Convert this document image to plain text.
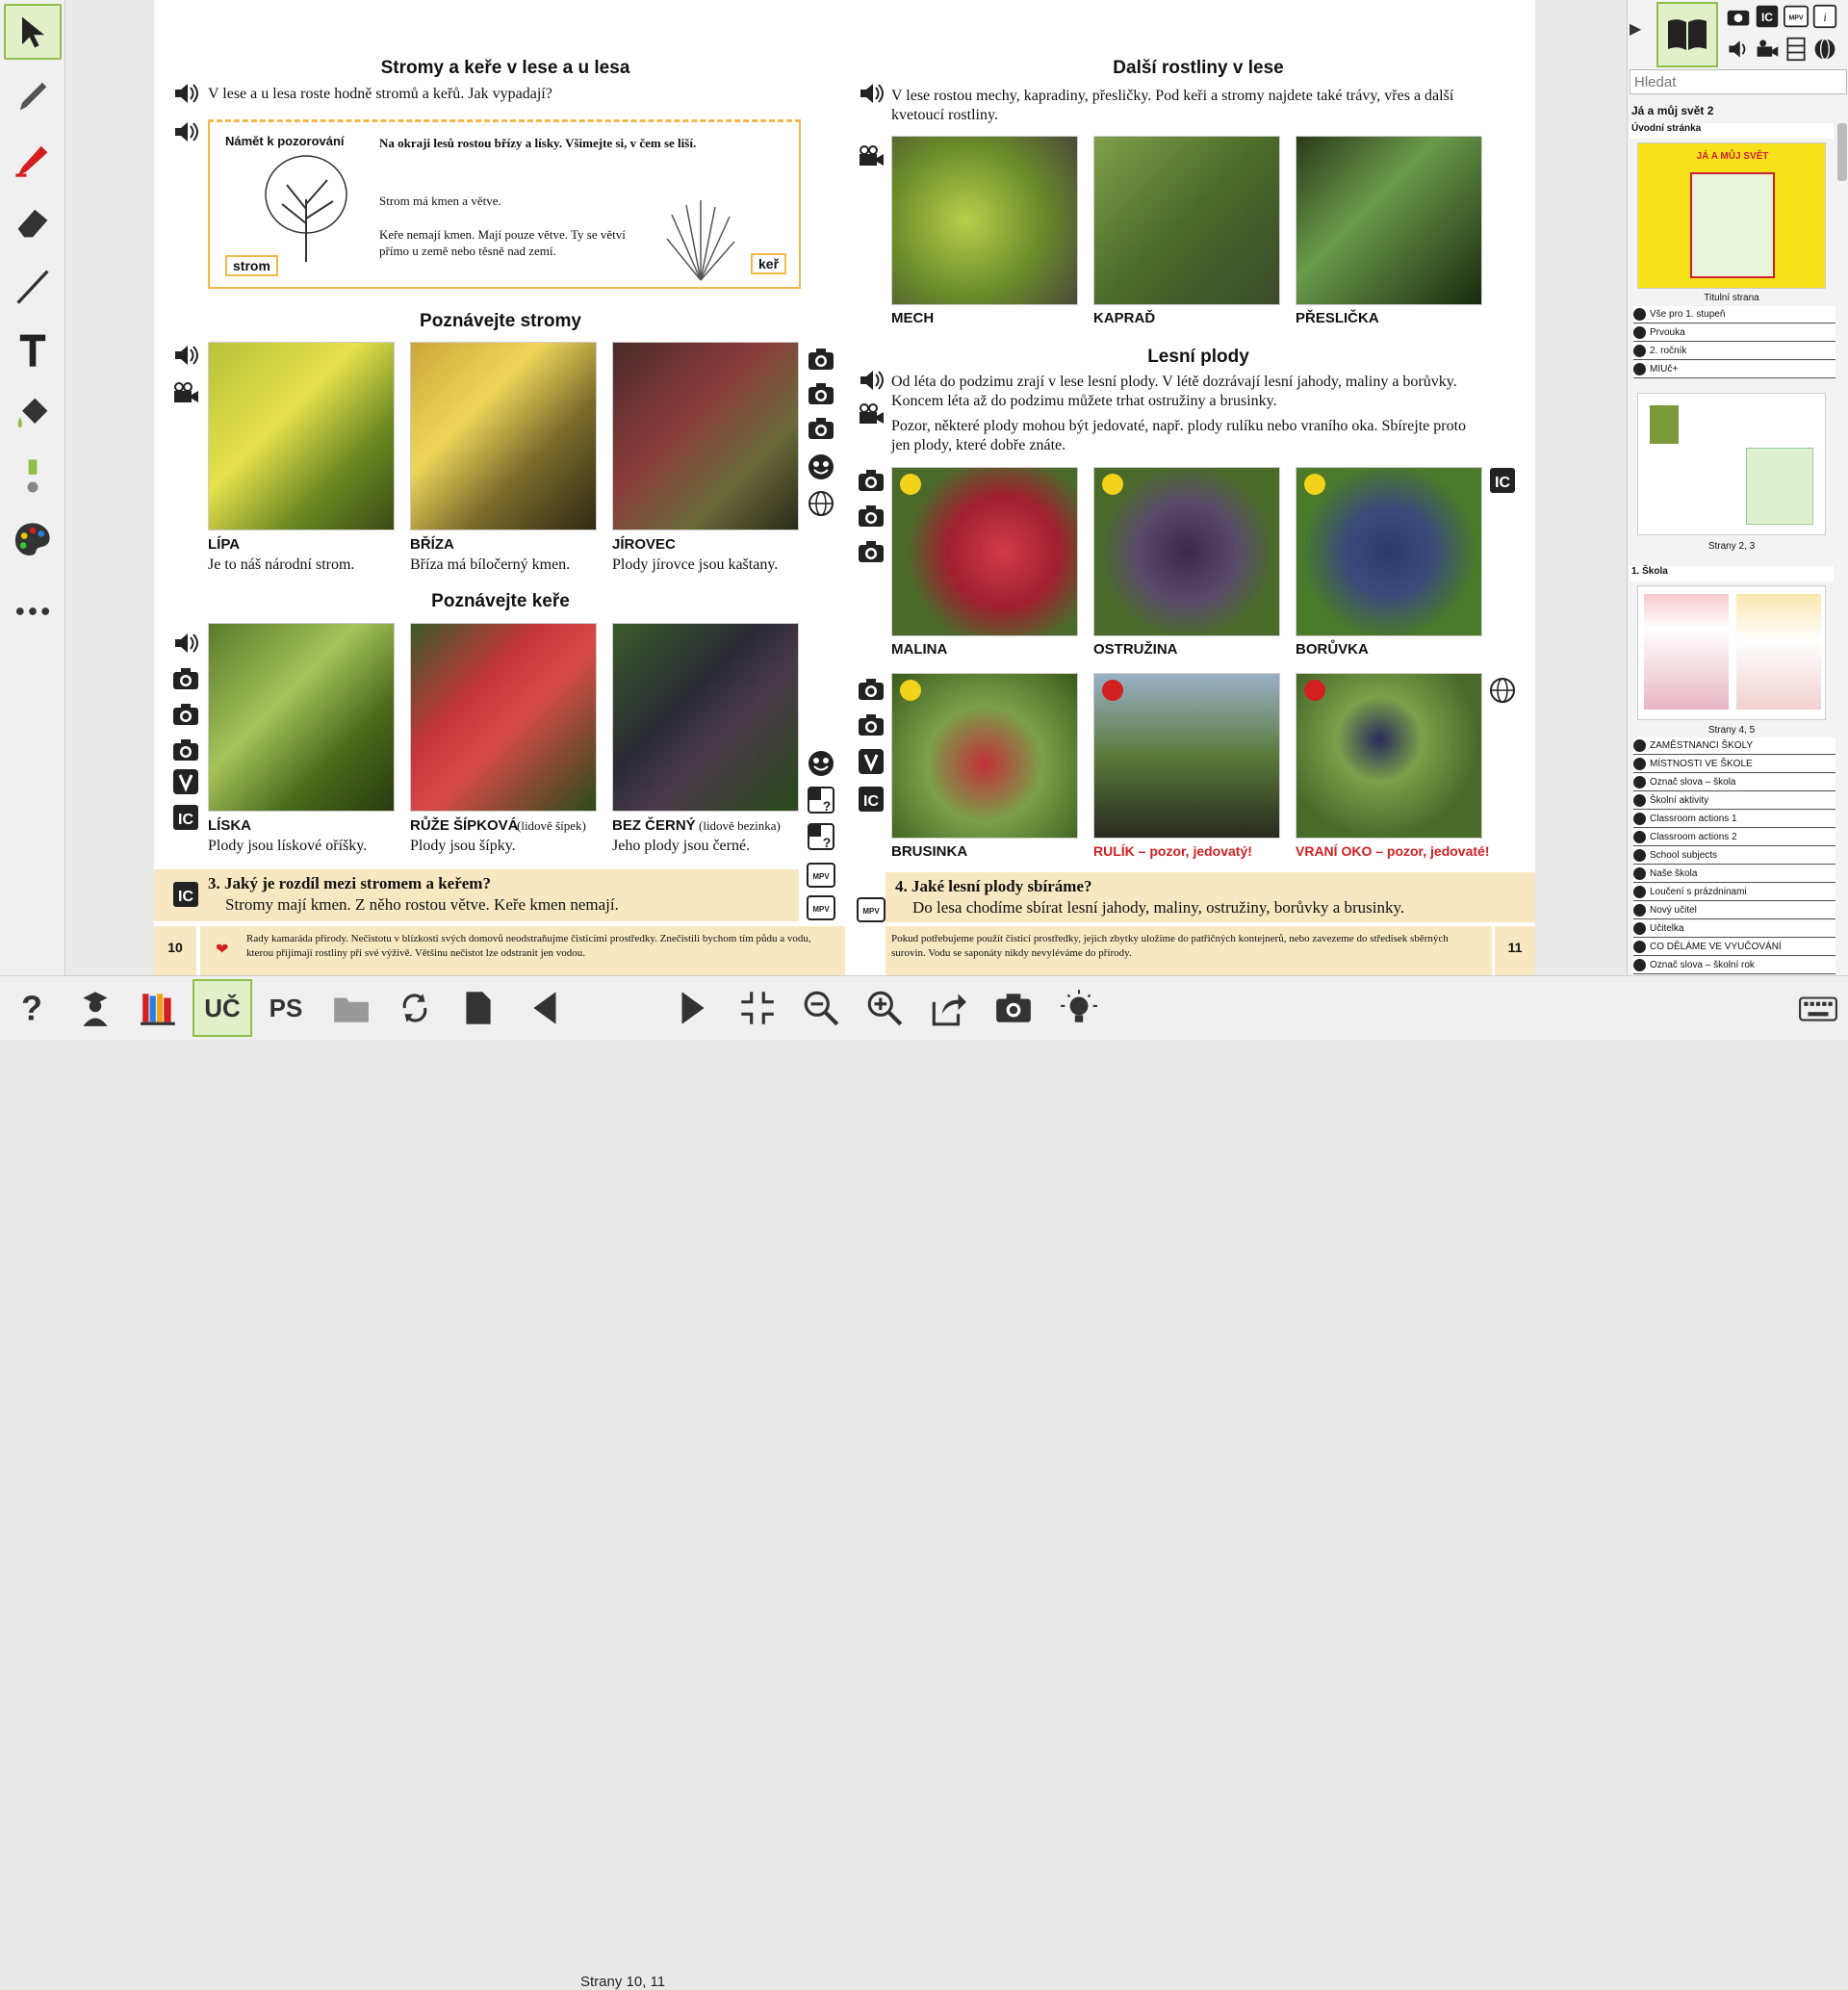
Stromy a keře v lese a u lesa
V lese a u lesa roste hodně stromů a keřů. Jak vypadají?
Námět k pozorování	Na okraji lesů rostou břízy a lísky. Všimejte si, v čem se liší.
Strom má kmen a větve.
Keře nemají kmen. Mají pouze větve. Ty se větví přímo u země nebo těsně nad zemí.
strom	keř
Poznávejte stromy
LÍPA
Je to náš národní strom.
BŘÍZA
Bříza má bíločerný kmen.
JÍROVEC
Plody jírovce jsou kaštany.
Poznávejte keře
IC LÍSKA
Plody jsou lískové oříšky.
RŮŽE ŠÍPKOVÁ
(lidově šípek)
Plody jsou šípky.
BEZ ČERNÝ (lidově bezinka)
Jeho plody jsou černé.
?
?
MPV
MPV
IC
3. Jaký je rozdíl mezi stromem a keřem?
Stromy mají kmen. Z něho rostou větve. Keře kmen nemají.
10	❤
Rady kamaráda přírody. Nečistotu v blízkosti svých domovů neodstraňujme čisticími prostředky. Znečistili bychom tím půdu a vodu, kterou přijímají rostliny při své výživě. Většinu nečistot lze odstranit jen vodou.
Další rostliny v lese
V lese rostou mechy, kapradiny, přesličky. Pod keři a stromy najdete také trávy, vřes a další kvetoucí rostliny.
MECH	KAPRAĎ	PŘESLIČKA
Lesní plody
Od léta do podzimu zrají v lese lesní plody. V létě dozrávají lesní jahody, maliny a borůvky. Koncem léta až do podzimu můžete trhat ostružiny a brusinky.
Pozor, některé plody mohou být jedovaté, např. plody rulíku nebo vraního oka. Sbírejte proto jen plody, které dobře znáte.
MALINA	OSTRUŽINA	BORŮVKA
IC
IC
BRUSINKA	RULÍK – pozor, jedovatý!	VRANÍ OKO – pozor, jedovaté!
MPV
4. Jaké lesní plody sbíráme?
Do lesa chodíme sbírat lesní jahody, maliny, ostružiny, borůvky a brusinky.
Pokud potřebujeme použít čisticí prostředky, jejich zbytky uložíme do patřičných kontejnerů, nebo zavezeme do středisek sběrných surovin. Vodu se saponáty nikdy nevyléváme do přírody.	11
▶
IC MPV i
Hledat
Já a můj svět 2
Úvodní stránka
JÁ A MŮJ SVĚT
Titulní strana
Vše pro 1. stupeň
Prvouka
2. ročník
MIUč+
Strany 2, 3
1. Škola
Strany 4, 5
ZAMĚSTNANCI ŠKOLY
MÍSTNOSTI VE ŠKOLE
Označ slova – škola
Školní aktivity
Classroom actions 1
Classroom actions 2
School subjects
Naše škola
Loučení s prázdninami
Nový učitel
Učitelka
CO DĚLÁME VE VYUČOVÁNÍ
Označ slova – školní rok
?	UČ	PS
Strany 10, 11
